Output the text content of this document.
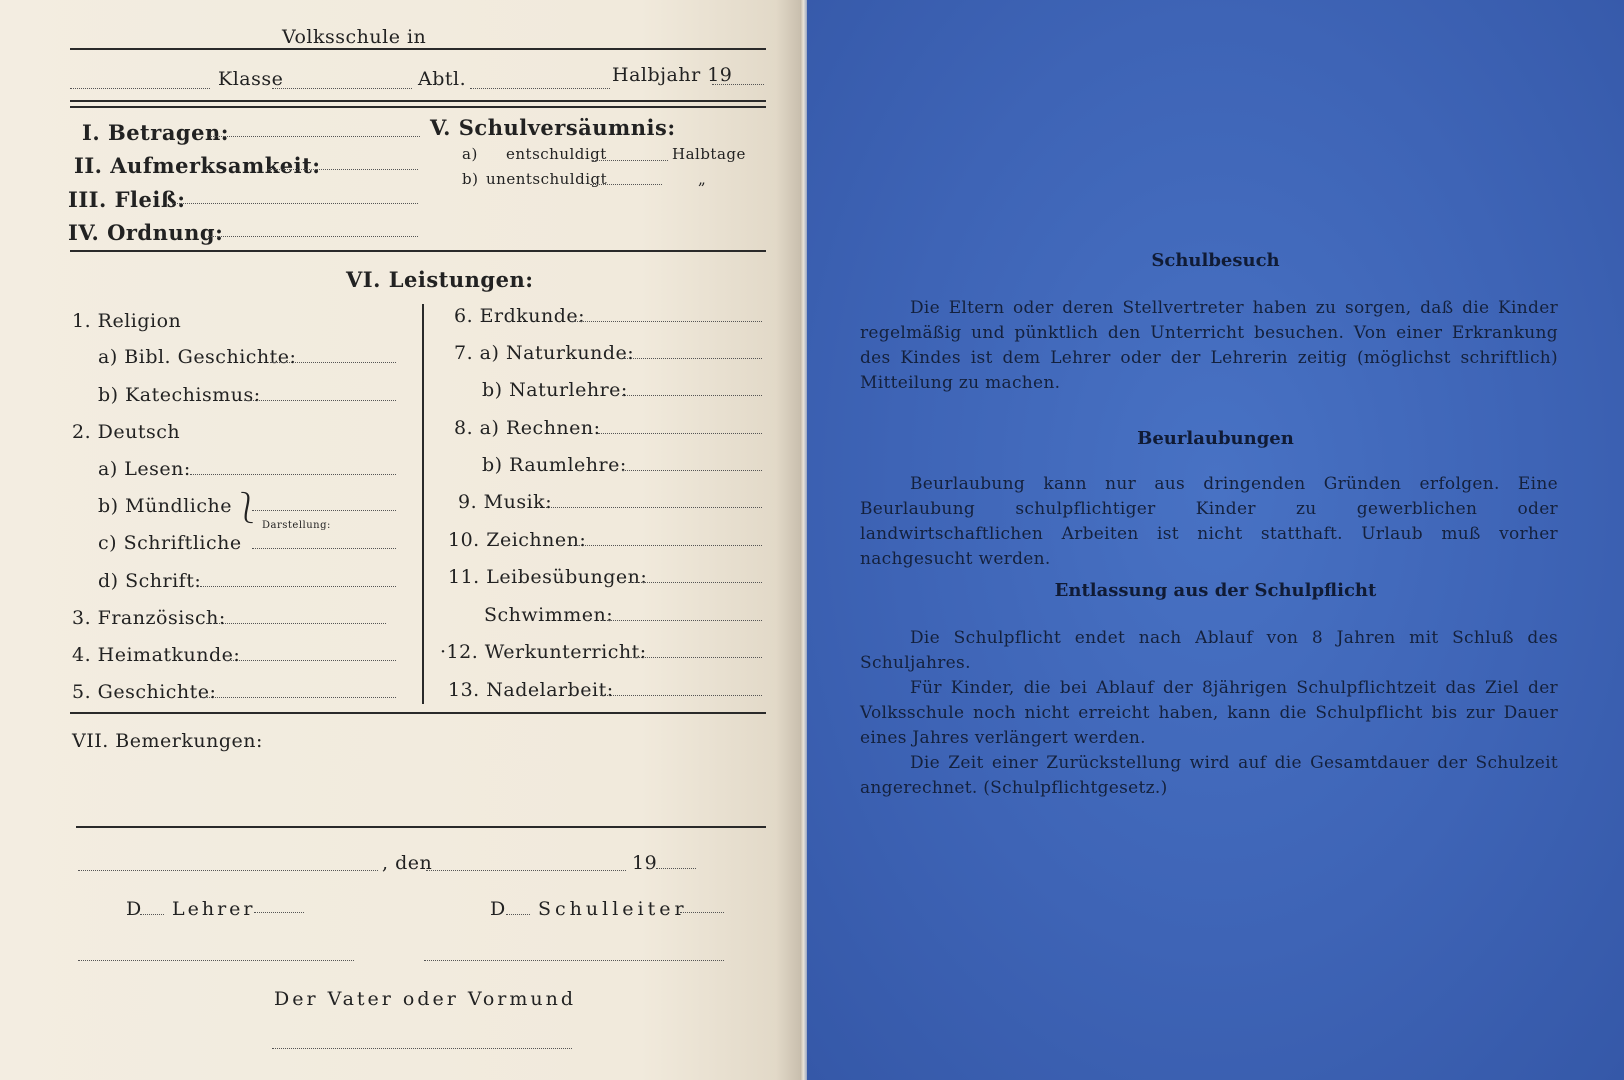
Volksschule in
Klasse	Abtl.	Halbjahr 19
I. Betragen:
II. Aufmerksamkeit:
III. Fleiß:
IV. Ordnung:
V. Schulversäumnis:
a) entschuldigt	Halbtage
b) unentschuldigt	„
VI. Leistungen:
1. Religion
a) Bibl. Geschichte:
b) Katechismus:
2. Deutsch
a) Lesen:
b) Mündliche ⎱ Darstellung:
c) Schriftliche
d) Schrift:
3. Französisch:
4. Heimatkunde:
5. Geschichte:
6. Erdkunde:
7. a) Naturkunde:
b) Naturlehre:
8. a) Rechnen:
b) Raumlehre:
9. Musik:
10. Zeichnen:
11. Leibesübungen:
Schwimmen:
·12. Werkunterricht:
13. Nadelarbeit:
VII. Bemerkungen:
, den	19
D Lehrer	D Schulleiter
Der Vater oder Vormund
Schulbesuch

Die Eltern oder deren Stellvertreter haben zu sorgen, daß die Kinder regelmäßig und pünktlich den Unterricht besuchen. Von einer Erkrankung des Kindes ist dem Lehrer oder der Lehrerin zeitig (möglichst schriftlich) Mitteilung zu machen.

Beurlaubungen

Beurlaubung kann nur aus dringenden Gründen erfolgen. Eine Beurlaubung schulpflichtiger Kinder zu gewerblichen oder landwirtschaftlichen Arbeiten ist nicht statthaft. Urlaub muß vorher nachgesucht werden.

Entlassung aus der Schulpflicht

Die Schulpflicht endet nach Ablauf von 8 Jahren mit Schluß des Schuljahres.

Für Kinder, die bei Ablauf der 8jährigen Schulpflichtzeit das Ziel der Volksschule noch nicht erreicht haben, kann die Schulpflicht bis zur Dauer eines Jahres verlängert werden.

Die Zeit einer Zurückstellung wird auf die Gesamtdauer der Schulzeit angerechnet. (Schulpflichtgesetz.)
